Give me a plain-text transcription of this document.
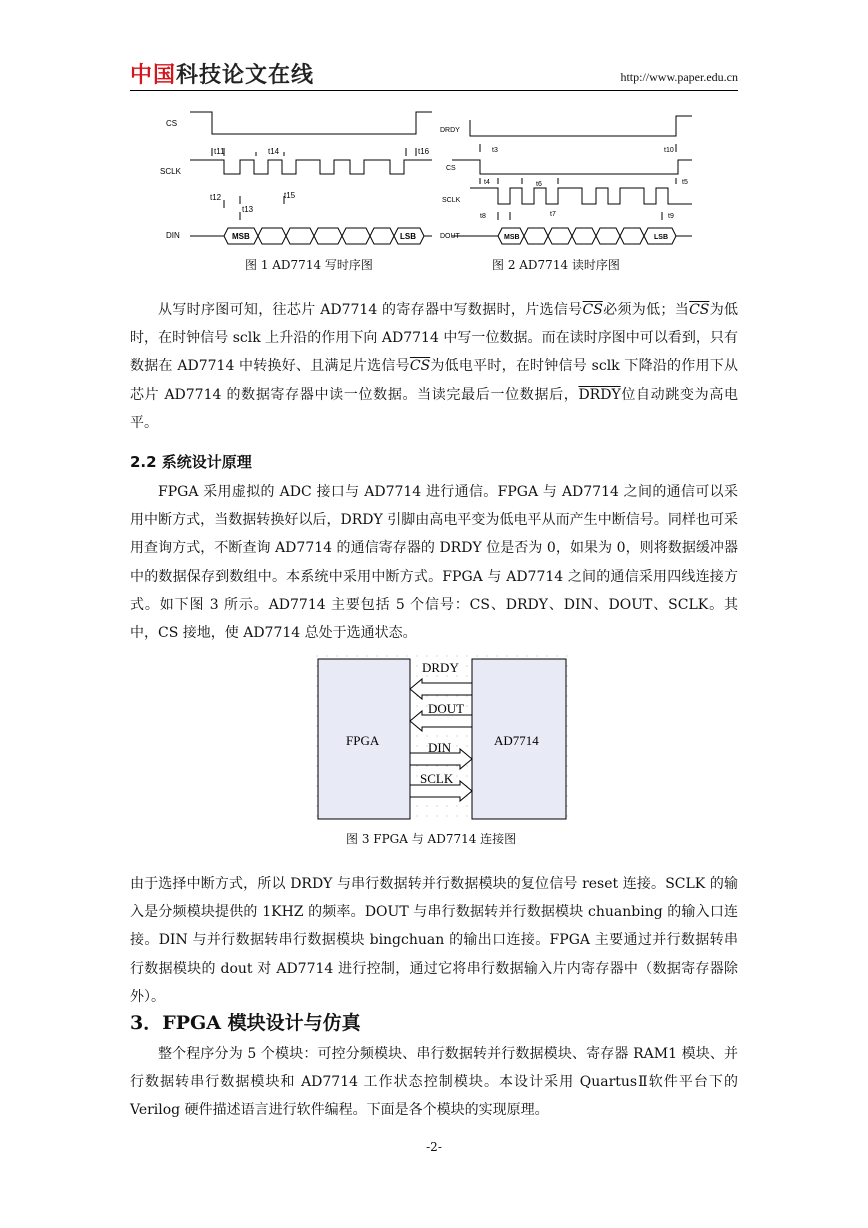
中国科技论文在线	http://www.paper.edu.cn
CS
SCLK
DIN
t11	t14	t16
t12
t13
t15
MSB	LSB
图 1 AD7714 写时序图
DRDY
CS
SCLK
DOUT
t3	t10
t4	t6	t5
t8	t7	t9
MSB	LSB
图 2 AD7714 读时序图

从写时序图可知，往芯片 AD7714 的寄存器中写数据时，片选信号$\overline{CS}$必须为低；当$\overline{CS}$为低时，在时钟信号 sclk 上升沿的作用下向 AD7714 中写一位数据。而在读时序图中可以看到，只有数据在 AD7714 中转换好、且满足片选信号$\overline{CS}$为低电平时，在时钟信号 sclk 下降沿的作用下从芯片 AD7714 的数据寄存器中读一位数据。当读完最后一位数据后，DRDY位自动跳变为高电平。

2.2 系统设计原理

FPGA 采用虚拟的 ADC 接口与 AD7714 进行通信。FPGA 与 AD7714 之间的通信可以采用中断方式，当数据转换好以后，DRDY 引脚由高电平变为低电平从而产生中断信号。同样也可采用查询方式，不断查询 AD7714 的通信寄存器的 DRDY 位是否为 0，如果为 0，则将数据缓冲器中的数据保存到数组中。本系统中采用中断方式。FPGA 与 AD7714 之间的通信采用四线连接方式。如下图 3 所示。AD7714 主要包括 5 个信号：CS、DRDY、DIN、DOUT、SCLK。其中，CS 接地，使 AD7714 总处于选通状态。

FPGA	AD7714
DRDY
DOUT
DIN
SCLK
图 3 FPGA 与 AD7714 连接图

由于选择中断方式，所以 DRDY 与串行数据转并行数据模块的复位信号 reset 连接。SCLK 的输入是分频模块提供的 1KHZ 的频率。DOUT 与串行数据转并行数据模块 chuanbing 的输入口连接。DIN 与并行数据转串行数据模块 bingchuan 的输出口连接。FPGA 主要通过并行数据转串行数据模块的 dout 对 AD7714 进行控制，通过它将串行数据输入片内寄存器中（数据寄存器除外）。

3．FPGA 模块设计与仿真

整个程序分为 5 个模块：可控分频模块、串行数据转并行数据模块、寄存器 RAM1 模块、并行数据转串行数据模块和 AD7714 工作状态控制模块。本设计采用 QuartusⅡ软件平台下的 Verilog 硬件描述语言进行软件编程。下面是各个模块的实现原理。

-2-
